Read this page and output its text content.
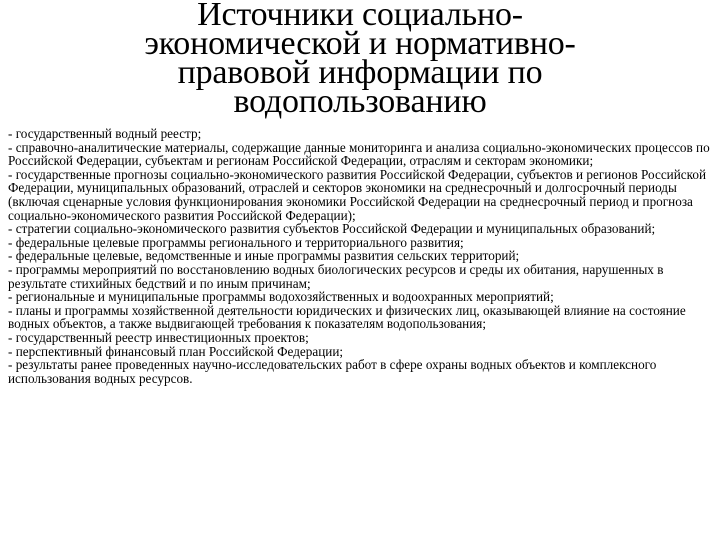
Источники социально-
экономической и нормативно-
правовой информации по
водопользованию
- государственный водный реестр;
- справочно-аналитические материалы, содержащие данные мониторинга и анализа социально-экономических процессов по Российской Федерации, субъектам и регионам Российской Федерации, отраслям и секторам экономики;
- государственные прогнозы социально-экономического развития Российской Федерации, субъектов и регионов Российской Федерации, муниципальных образований, отраслей и секторов экономики на среднесрочный и долгосрочный периоды (включая сценарные условия функционирования экономики Российской Федерации на среднесрочный период и прогноза социально-экономического развития Российской Федерации);
- стратегии социально-экономического развития субъектов Российской Федерации и муниципальных образований;
- федеральные целевые программы регионального и территориального развития;
- федеральные целевые, ведомственные и иные программы развития сельских территорий;
- программы мероприятий по восстановлению водных биологических ресурсов и среды их обитания, нарушенных в результате стихийных бедствий и по иным причинам;
- региональные и муниципальные программы водохозяйственных и водоохранных мероприятий;
- планы и программы хозяйственной деятельности юридических и физических лиц, оказывающей влияние на состояние водных объектов, а также выдвигающей требования к показателям водопользования;
- государственный реестр инвестиционных проектов;
- перспективный финансовый план Российской Федерации;
- результаты ранее проведенных научно-исследовательских работ в сфере охраны водных объектов и комплексного использования водных ресурсов.
